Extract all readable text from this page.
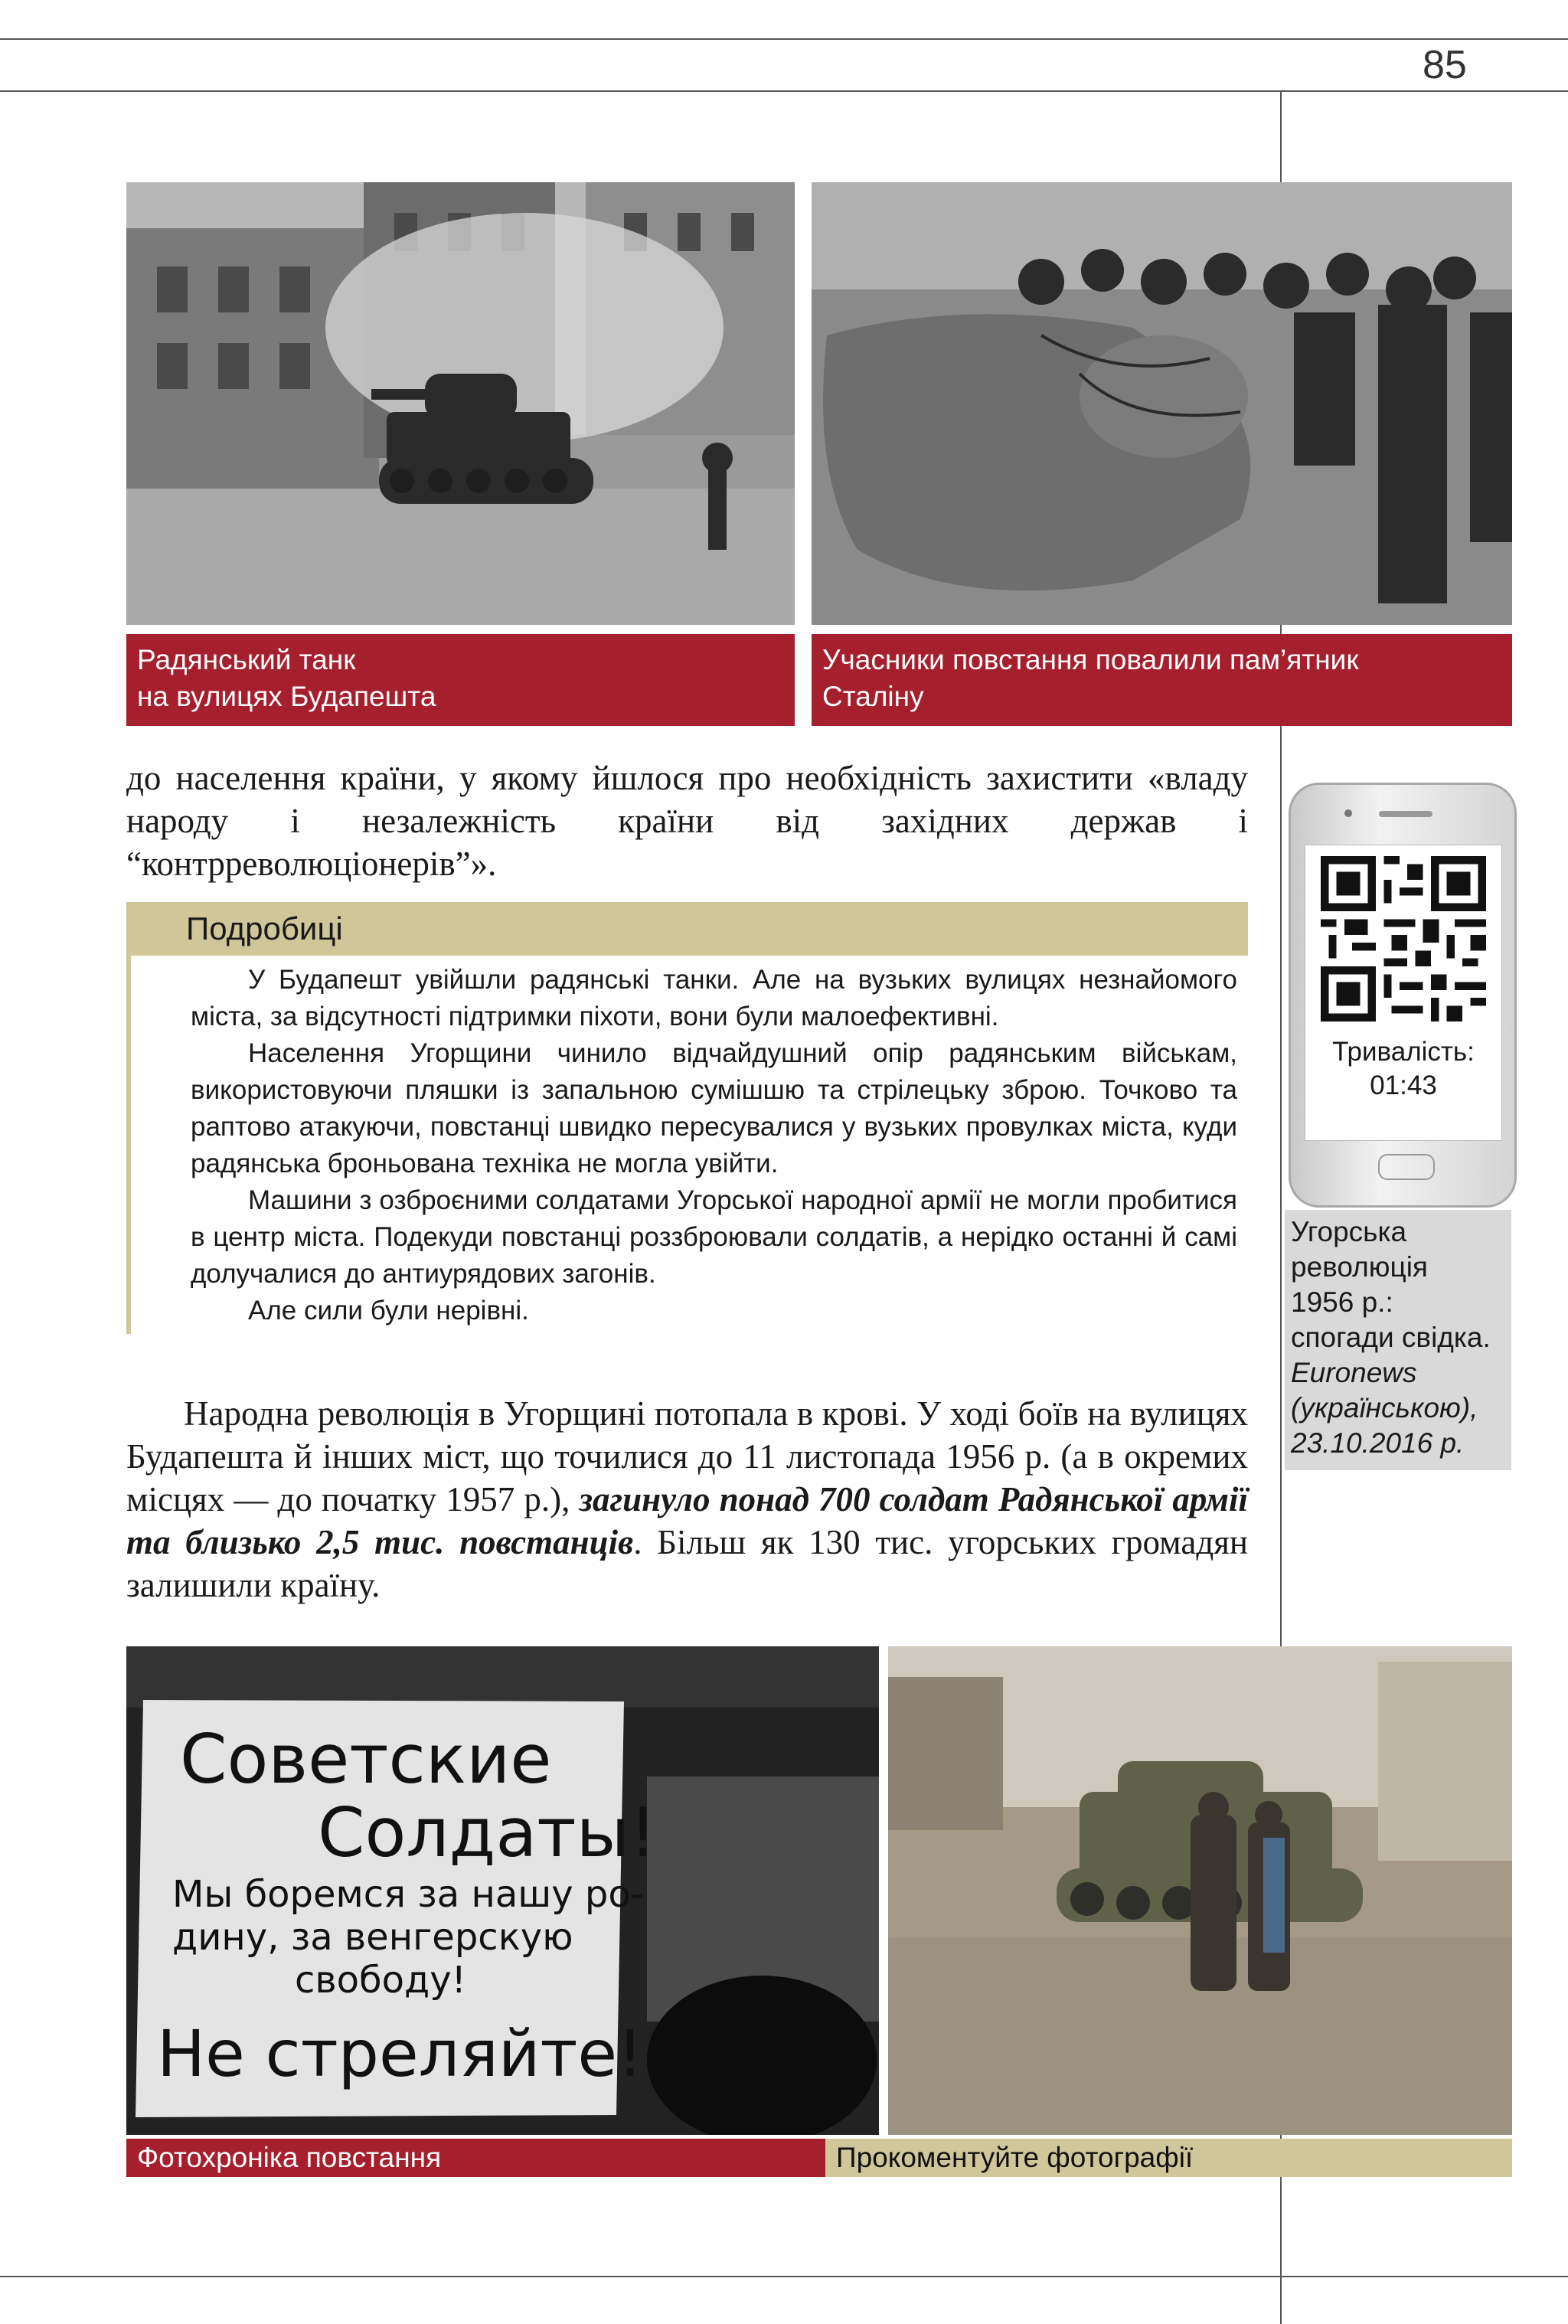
85
Радянський танк
на вулицях Будапешта
Учасники повстання повалили пам’ятник
Сталіну

до населення країни, у якому йшлося про необхідність захистити «владу народу і незалежність країни від західних держав і “контрреволюціонерів”».

Подробиці

У Будапешт увійшли радянські танки. Але на вузьких вулицях незнайомого міста, за відсутності підтримки піхоти, вони були малоефективні.

Населення Угорщини чинило відчайдушний опір радянським військам, використовуючи пляшки із запальною сумішшю та стрілецьку зброю. Точково та раптово атакуючи, повстанці швидко пересувалися у вузьких провулках міста, куди радянська броньована техніка не могла увійти.

Машини з озброєними солдатами Угорської народної армії не могли пробитися в центр міста. Подекуди повстанці роззброювали солдатів, а нерідко останні й самі долучалися до антиурядових загонів.

Але сили були нерівні.

Народна революція в Угорщині потопала в крові. У ході боїв на вулицях Будапешта й інших міст, що точилися до 11 листопада 1956 р. (а в окремих місцях — до початку 1957 р.), загинуло понад 700 солдат Радянської армії та близько 2,5 тис. повстанців. Більш як 130 тис. угорських громадян залишили країну.

Тривалість:
01:43
Угорська
революція
1956 р.:
спогади свідка.
Euronews
(українською),
23.10.2016 р.
Советские
Солдаты!
Мы боремся за нашу ро-
дину, за венгерскую
свободу!
Не стреляйте!
Фотохроніка повстання	Прокоментуйте фотографії
